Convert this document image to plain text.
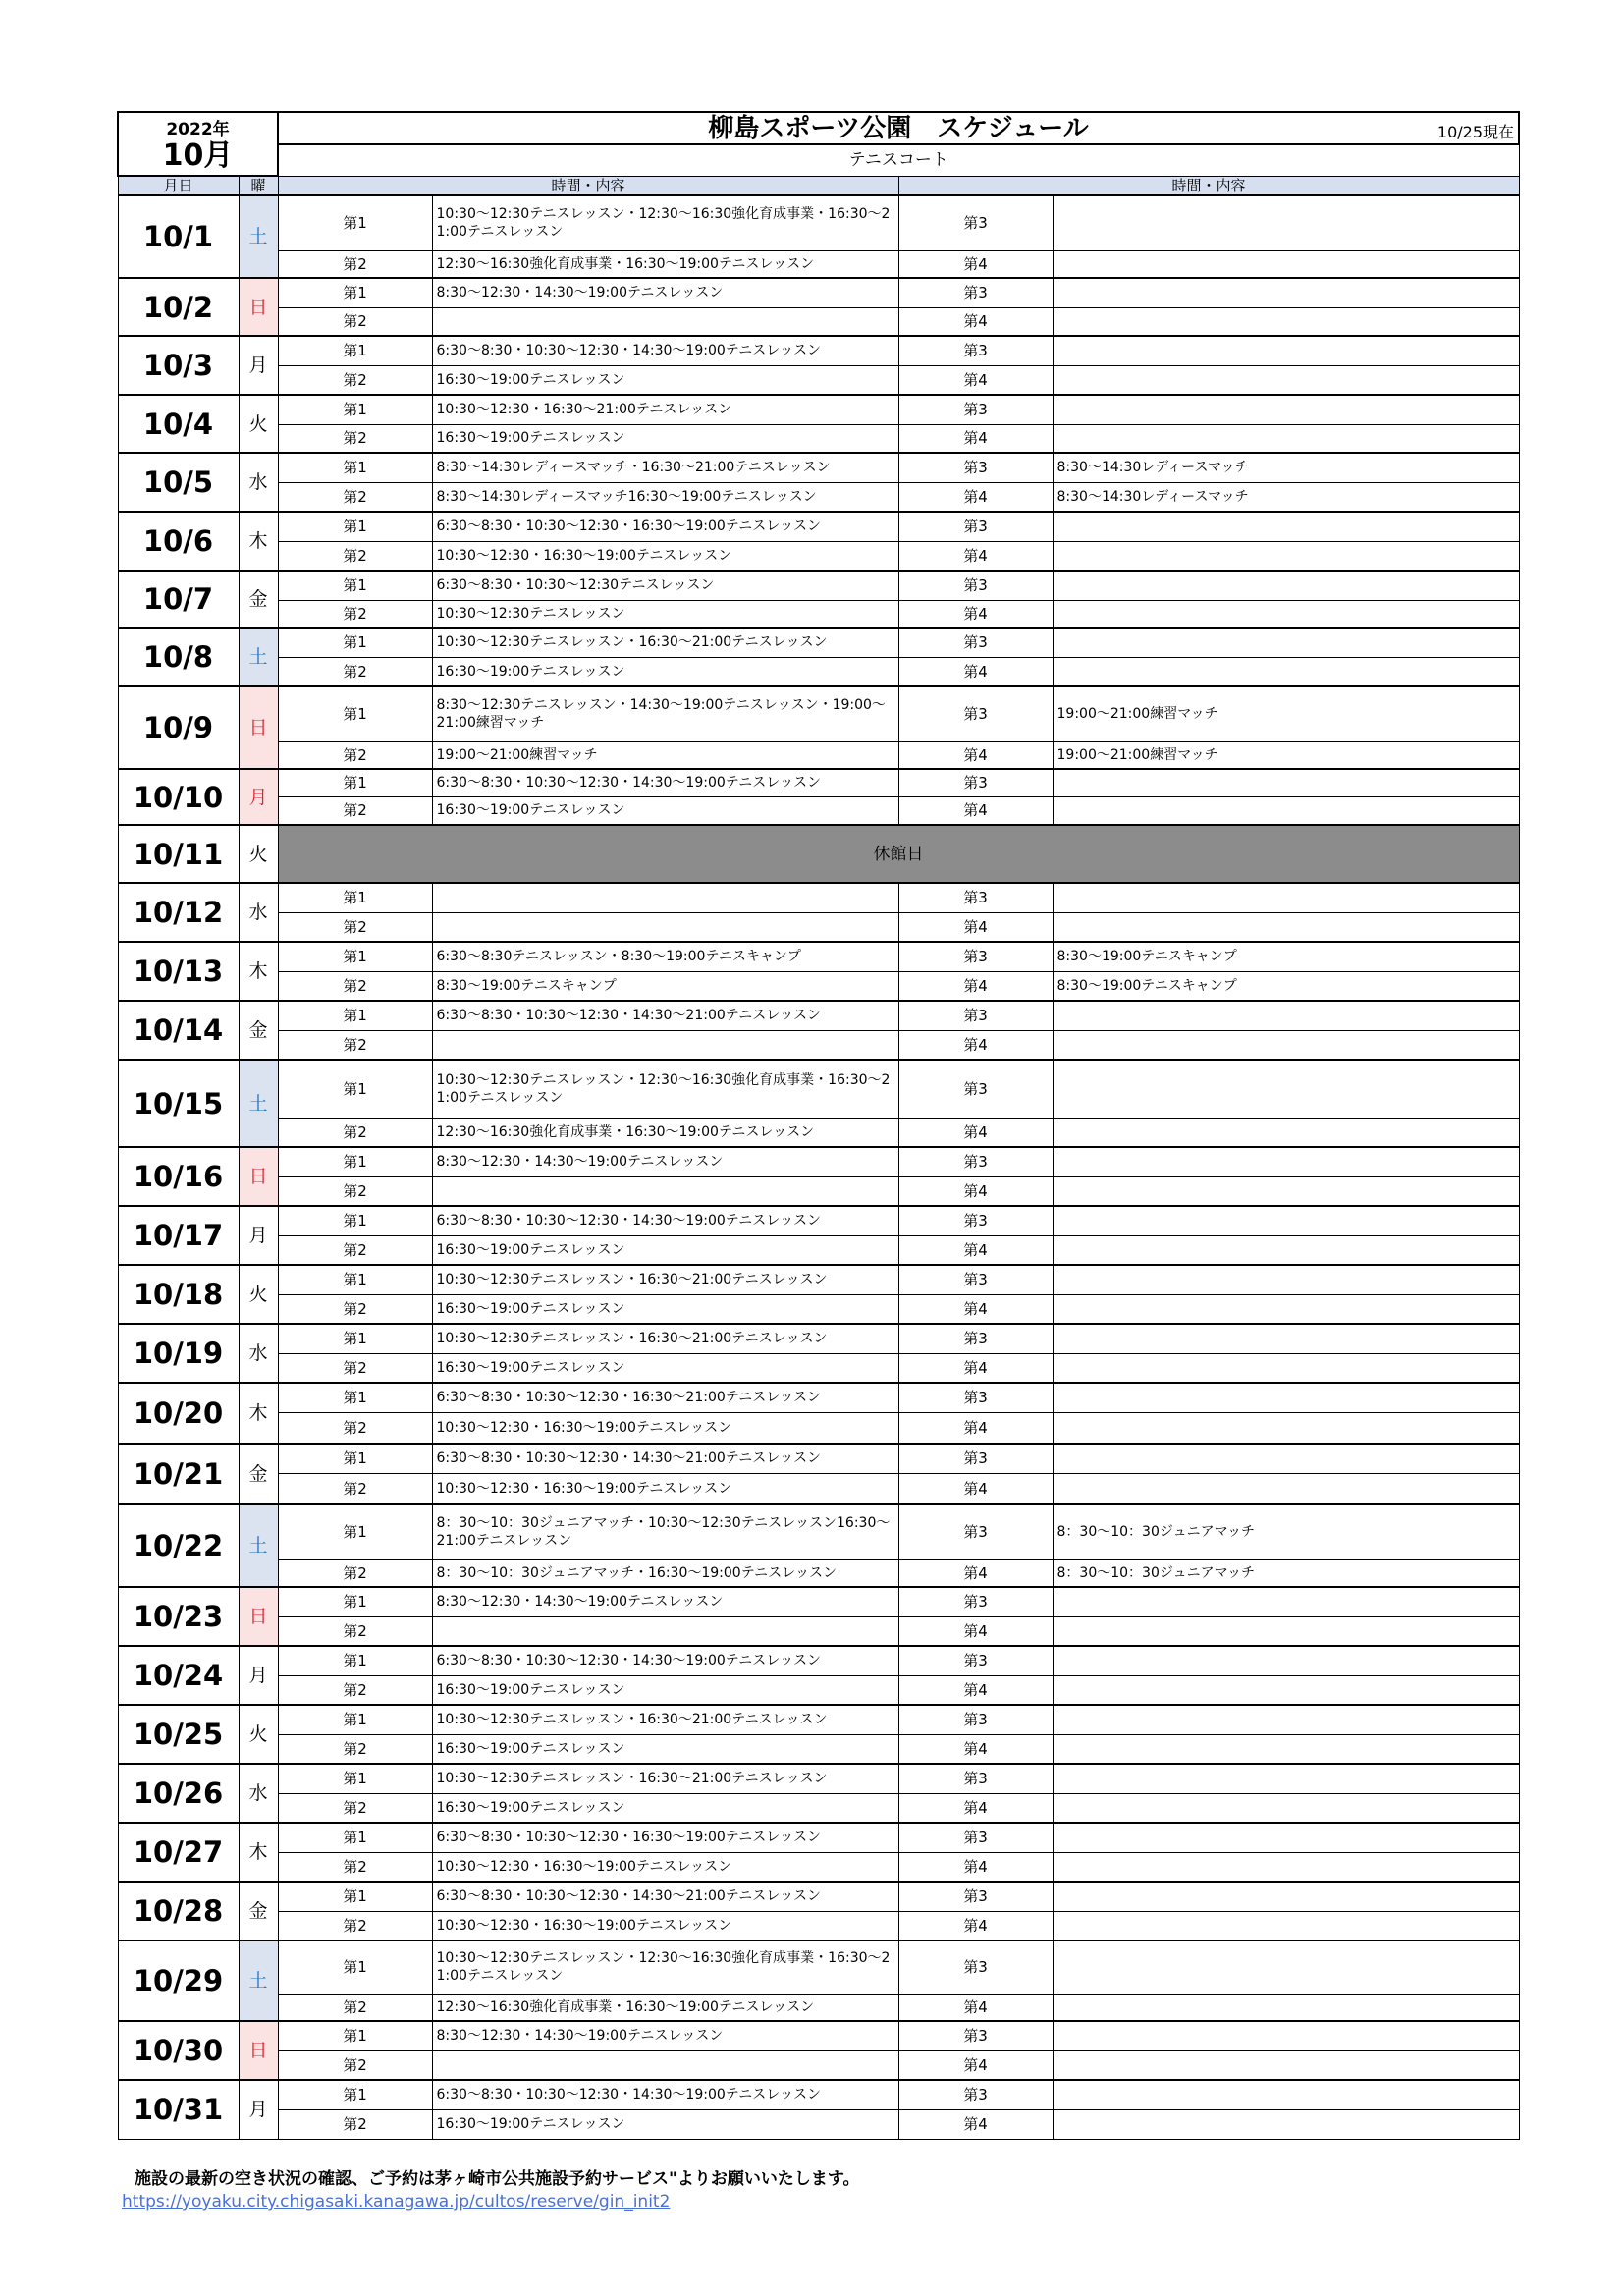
2022年
10月		柳島スポーツ公園　スケジュール 10/25現在			

		テニスコート			
月日	曜	時間・内容		時間・内容	
10/1	土	第1	10:30〜12:30テニスレッスン・12:30〜16:30強化育成事業・16:30〜21:00テニスレッスン	第3	
		第2	12:30〜16:30強化育成事業・16:30〜19:00テニスレッスン	第4	
10/2	日	第1	8:30〜12:30・14:30〜19:00テニスレッスン	第3	
		第2		第4	
10/3	月	第1	6:30〜8:30・10:30〜12:30・14:30〜19:00テニスレッスン	第3	
		第2	16:30〜19:00テニスレッスン	第4	
10/4	火	第1	10:30〜12:30・16:30〜21:00テニスレッスン	第3	
		第2	16:30〜19:00テニスレッスン	第4	
10/5	水	第1	8:30〜14:30レディースマッチ・16:30〜21:00テニスレッスン	第3	8:30〜14:30レディースマッチ
		第2	8:30〜14:30レディースマッチ16:30〜19:00テニスレッスン	第4	8:30〜14:30レディースマッチ
10/6	木	第1	6:30〜8:30・10:30〜12:30・16:30〜19:00テニスレッスン	第3	
		第2	10:30〜12:30・16:30〜19:00テニスレッスン	第4	
10/7	金	第1	6:30〜8:30・10:30〜12:30テニスレッスン	第3	
		第2	10:30〜12:30テニスレッスン	第4	
10/8	土	第1	10:30〜12:30テニスレッスン・16:30〜21:00テニスレッスン	第3	
		第2	16:30〜19:00テニスレッスン	第4	
10/9	日	第1	8:30〜12:30テニスレッスン・14:30〜19:00テニスレッスン・19:00〜21:00練習マッチ	第3	19:00〜21:00練習マッチ
		第2	19:00〜21:00練習マッチ	第4	19:00〜21:00練習マッチ
10/10	月	第1	6:30〜8:30・10:30〜12:30・14:30〜19:00テニスレッスン	第3	
		第2	16:30〜19:00テニスレッスン	第4	
10/11	火	休館日			
10/12	水	第1		第3	
		第2		第4	
10/13	木	第1	6:30〜8:30テニスレッスン・8:30〜19:00テニスキャンプ	第3	8:30〜19:00テニスキャンプ
		第2	8:30〜19:00テニスキャンプ	第4	8:30〜19:00テニスキャンプ
10/14	金	第1	6:30〜8:30・10:30〜12:30・14:30〜21:00テニスレッスン	第3	
		第2		第4	
10/15	土	第1	10:30〜12:30テニスレッスン・12:30〜16:30強化育成事業・16:30〜21:00テニスレッスン	第3	
		第2	12:30〜16:30強化育成事業・16:30〜19:00テニスレッスン	第4	
10/16	日	第1	8:30〜12:30・14:30〜19:00テニスレッスン	第3	
		第2		第4	
10/17	月	第1	6:30〜8:30・10:30〜12:30・14:30〜19:00テニスレッスン	第3	
		第2	16:30〜19:00テニスレッスン	第4	
10/18	火	第1	10:30〜12:30テニスレッスン・16:30〜21:00テニスレッスン	第3	
		第2	16:30〜19:00テニスレッスン	第4	
10/19	水	第1	10:30〜12:30テニスレッスン・16:30〜21:00テニスレッスン	第3	
		第2	16:30〜19:00テニスレッスン	第4	
10/20	木	第1	6:30〜8:30・10:30〜12:30・16:30〜21:00テニスレッスン	第3	
		第2	10:30〜12:30・16:30〜19:00テニスレッスン	第4	
10/21	金	第1	6:30〜8:30・10:30〜12:30・14:30〜21:00テニスレッスン	第3	
		第2	10:30〜12:30・16:30〜19:00テニスレッスン	第4	
10/22	土	第1	8：30〜10：30ジュニアマッチ・10:30〜12:30テニスレッスン16:30〜21:00テニスレッスン	第3	8：30〜10：30ジュニアマッチ
		第2	8：30〜10：30ジュニアマッチ・16:30〜19:00テニスレッスン	第4	8：30〜10：30ジュニアマッチ
10/23	日	第1	8:30〜12:30・14:30〜19:00テニスレッスン	第3	
		第2		第4	
10/24	月	第1	6:30〜8:30・10:30〜12:30・14:30〜19:00テニスレッスン	第3	
		第2	16:30〜19:00テニスレッスン	第4	
10/25	火	第1	10:30〜12:30テニスレッスン・16:30〜21:00テニスレッスン	第3	
		第2	16:30〜19:00テニスレッスン	第4	
10/26	水	第1	10:30〜12:30テニスレッスン・16:30〜21:00テニスレッスン	第3	
		第2	16:30〜19:00テニスレッスン	第4	
10/27	木	第1	6:30〜8:30・10:30〜12:30・16:30〜19:00テニスレッスン	第3	
		第2	10:30〜12:30・16:30〜19:00テニスレッスン	第4	
10/28	金	第1	6:30〜8:30・10:30〜12:30・14:30〜21:00テニスレッスン	第3	
		第2	10:30〜12:30・16:30〜19:00テニスレッスン	第4	
10/29	土	第1	10:30〜12:30テニスレッスン・12:30〜16:30強化育成事業・16:30〜21:00テニスレッスン	第3	
		第2	12:30〜16:30強化育成事業・16:30〜19:00テニスレッスン	第4	
10/30	日	第1	8:30〜12:30・14:30〜19:00テニスレッスン	第3	
		第2		第4	
10/31	月	第1	6:30〜8:30・10:30〜12:30・14:30〜19:00テニスレッスン	第3	
		第2	16:30〜19:00テニスレッスン	第4	
施設の最新の空き状況の確認、ご予約は茅ヶ崎市公共施設予約サービス"よりお願いいたします。
https://yoyaku.city.chigasaki.kanagawa.jp/cultos/reserve/gin_init2
